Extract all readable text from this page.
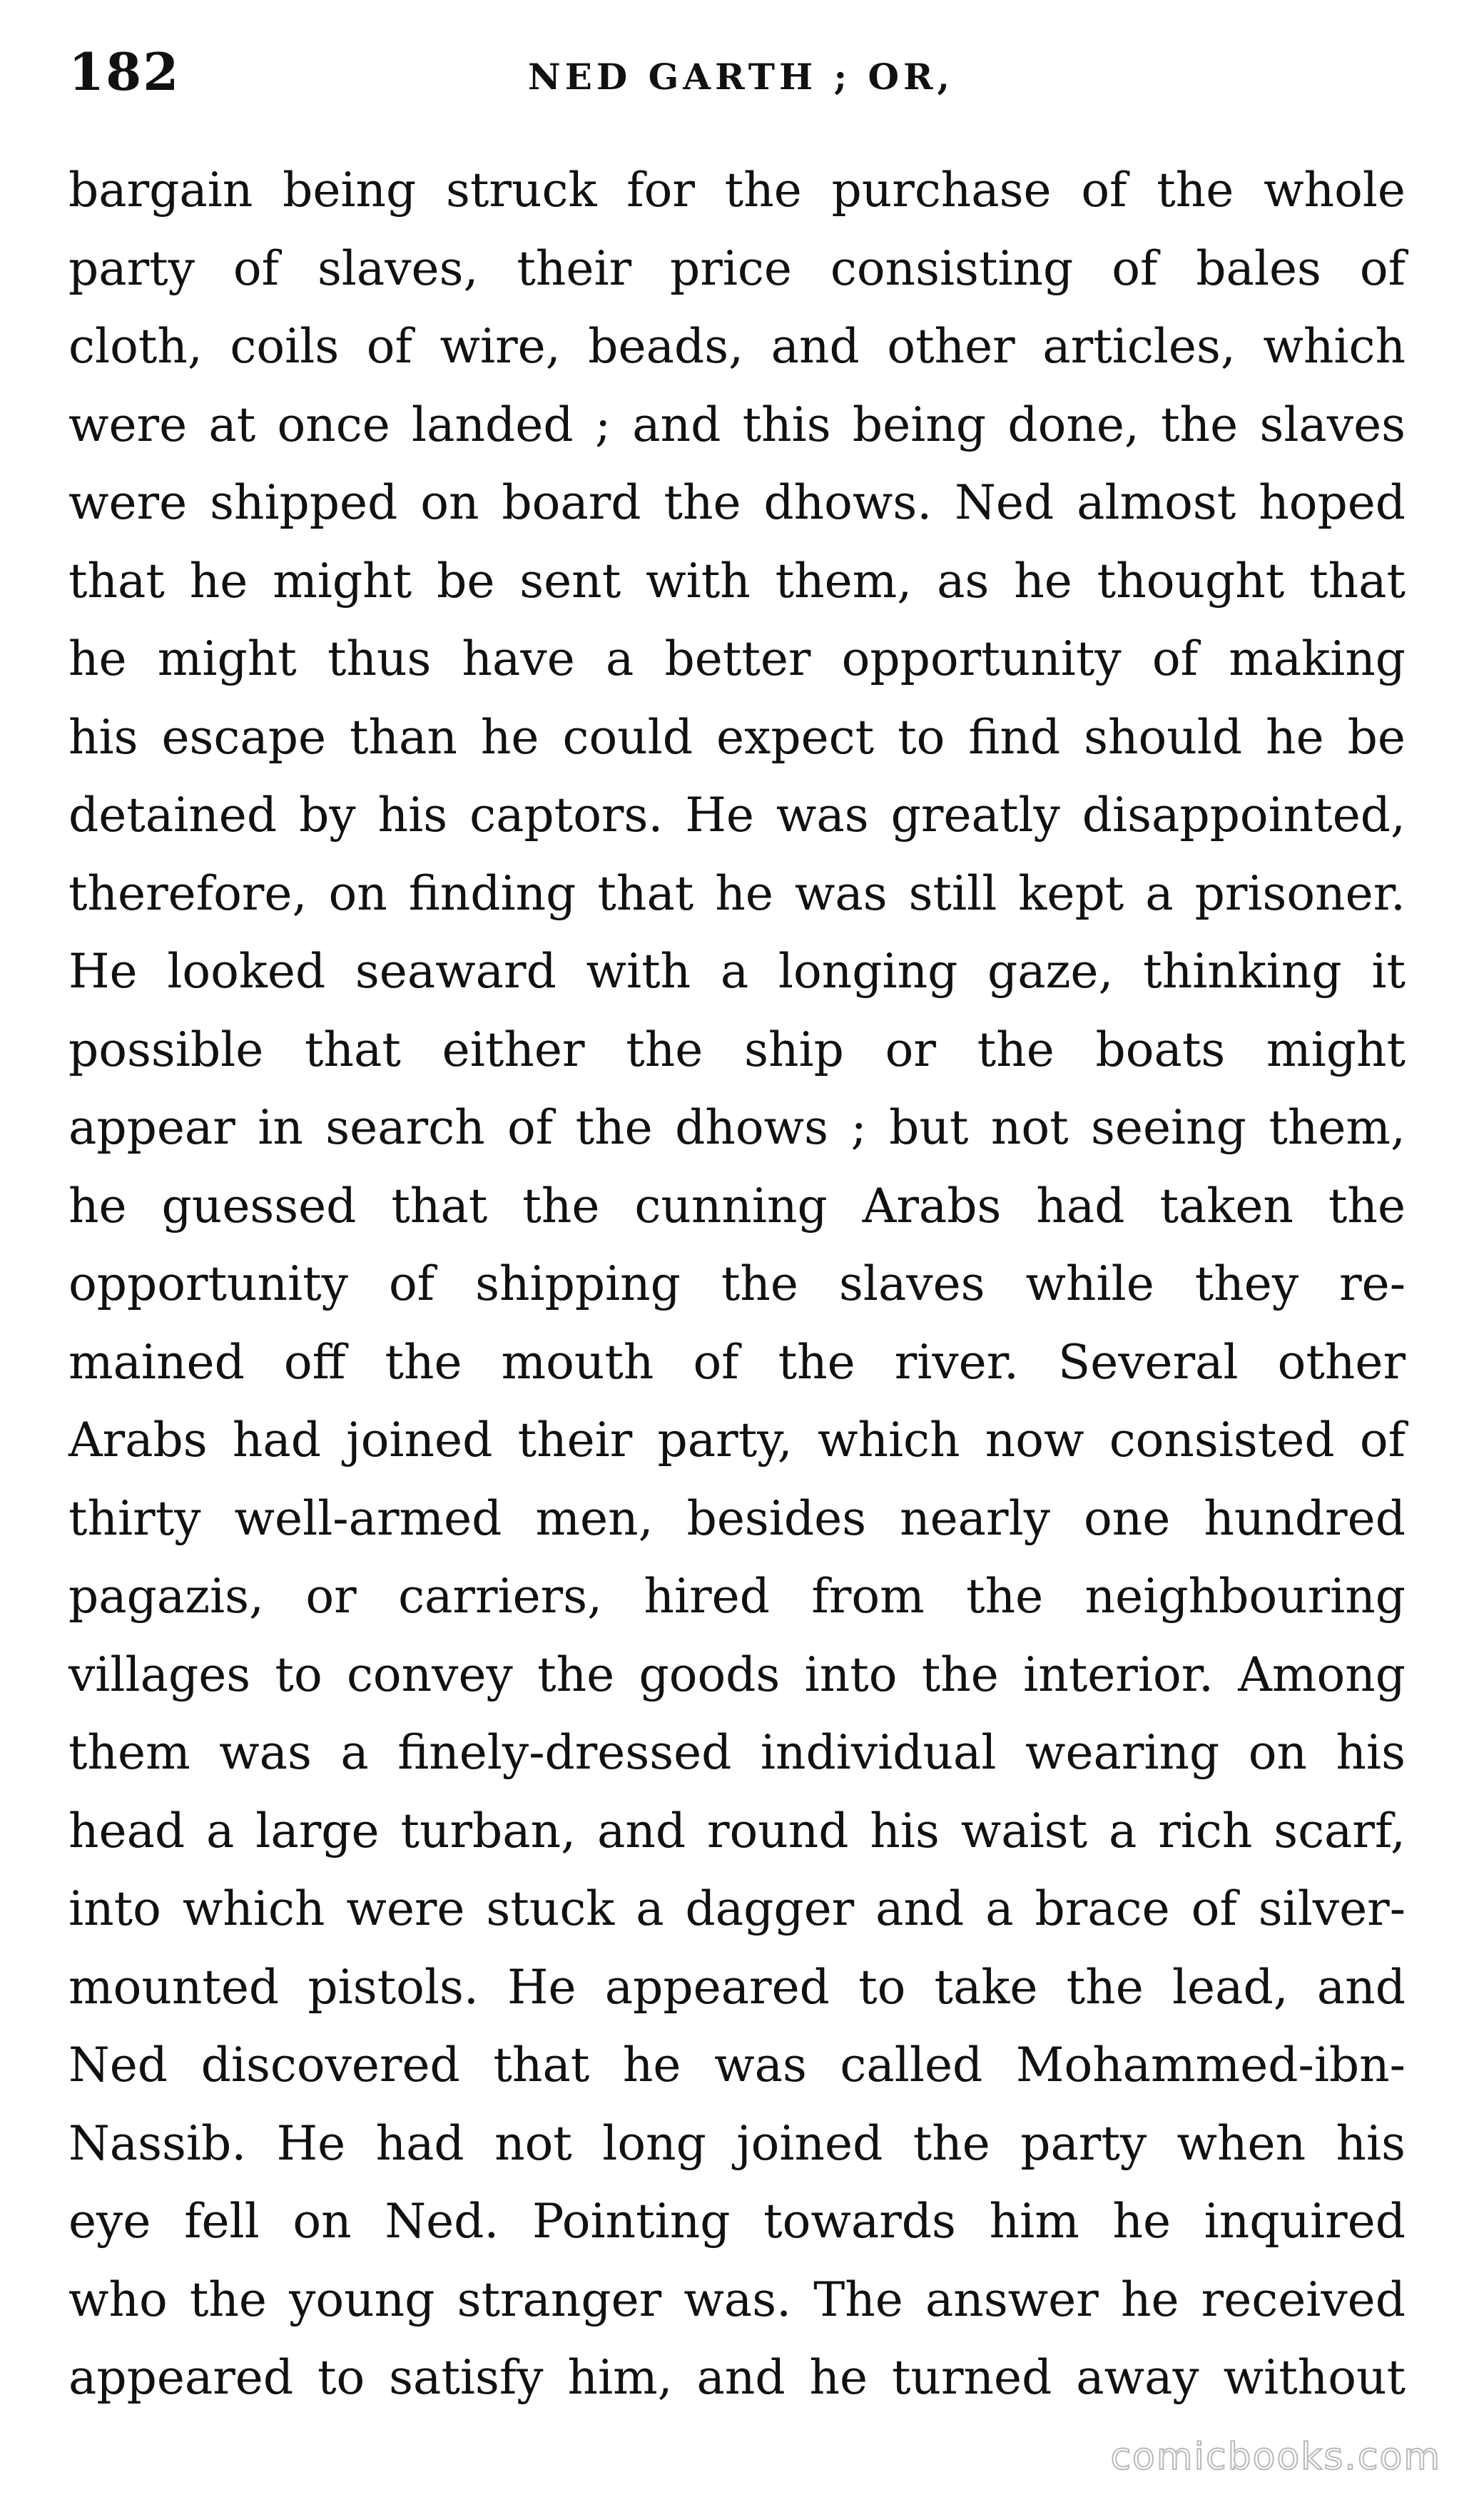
182	NED GARTH ; OR,
bargain being struck for the purchase of the whole
party of slaves, their price consisting of bales of
cloth, coils of wire, beads, and other articles, which
were at once landed ; and this being done, the slaves
were shipped on board the dhows. Ned almost hoped
that he might be sent with them, as he thought that
he might thus have a better opportunity of making
his escape than he could expect to find should he be
detained by his captors. He was greatly disappointed,
therefore, on finding that he was still kept a prisoner.
He looked seaward with a longing gaze, thinking it
possible that either the ship or the boats might
appear in search of the dhows ; but not seeing them,
he guessed that the cunning Arabs had taken the
opportunity of shipping the slaves while they re-
mained off the mouth of the river. Several other
Arabs had joined their party, which now consisted of
thirty well-armed men, besides nearly one hundred
pagazis, or carriers, hired from the neighbouring
villages to convey the goods into the interior. Among
them was a finely-dressed individual wearing on his
head a large turban, and round his waist a rich scarf,
into which were stuck a dagger and a brace of silver-
mounted pistols. He appeared to take the lead, and
Ned discovered that he was called Mohammed-ibn-
Nassib. He had not long joined the party when his
eye fell on Ned. Pointing towards him he inquired
who the young stranger was. The answer he received
appeared to satisfy him, and he turned away without
comicbooks.com
